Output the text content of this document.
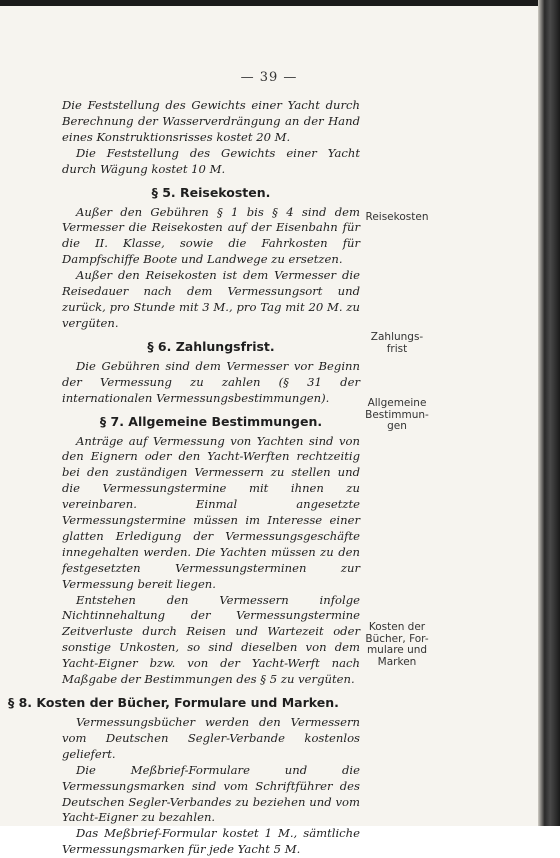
— 39 —

Die Feststellung des Gewichts einer Yacht durch Berechnung der Wasserverdrängung an der Hand eines Konstruktionsrisses kostet 20 M.

Die Feststellung des Gewichts einer Yacht durch Wägung kostet 10 M.

§ 5. Reisekosten.

Außer den Gebühren § 1 bis § 4 sind dem Vermesser die Reisekosten auf der Eisenbahn für die II. Klasse, sowie die Fahrkosten für Dampfschiffe Boote und Landwege zu ersetzen.

Außer den Reisekosten ist dem Vermesser die Reisedauer nach dem Vermessungsort und zurück, pro Stunde mit 3 M., pro Tag mit 20 M. zu vergüten.

§ 6. Zahlungsfrist.

Die Gebühren sind dem Vermesser vor Beginn der Vermessung zu zahlen (§ 31 der internationalen Vermessungsbestimmungen).

§ 7. Allgemeine Bestimmungen.

Anträge auf Vermessung von Yachten sind von den Eignern oder den Yacht-Werften rechtzeitig bei den zuständigen Vermessern zu stellen und die Vermessungstermine mit ihnen zu vereinbaren. Einmal angesetzte Vermessungstermine müssen im Interesse einer glatten Erledigung der Vermessungsgeschäfte innegehalten werden. Die Yachten müssen zu den festgesetzten Vermessungsterminen zur Vermessung bereit liegen.

Entstehen den Vermessern infolge Nichtinnehaltung der Vermessungstermine Zeitverluste durch Reisen und Wartezeit oder sonstige Unkosten, so sind dieselben von dem Yacht-Eigner bzw. von der Yacht-Werft nach Maßgabe der Bestimmungen des § 5 zu vergüten.

§ 8. Kosten der Bücher, Formulare und Marken.

Vermessungsbücher werden den Vermessern vom Deutschen Segler-Verbande kostenlos geliefert.

Die Meßbrief-Formulare und die Vermessungsmarken sind vom Schriftführer des Deutschen Segler-Verbandes zu beziehen und vom Yacht-Eigner zu bezahlen.

Das Meßbrief-Formular kostet 1 M., sämtliche Vermessungsmarken für jede Yacht 5 M.

Reisekosten
Zahlungs-
frist
Allgemeine
Bestimmun-
gen
Kosten der
Bücher, For-
mulare und
Marken
